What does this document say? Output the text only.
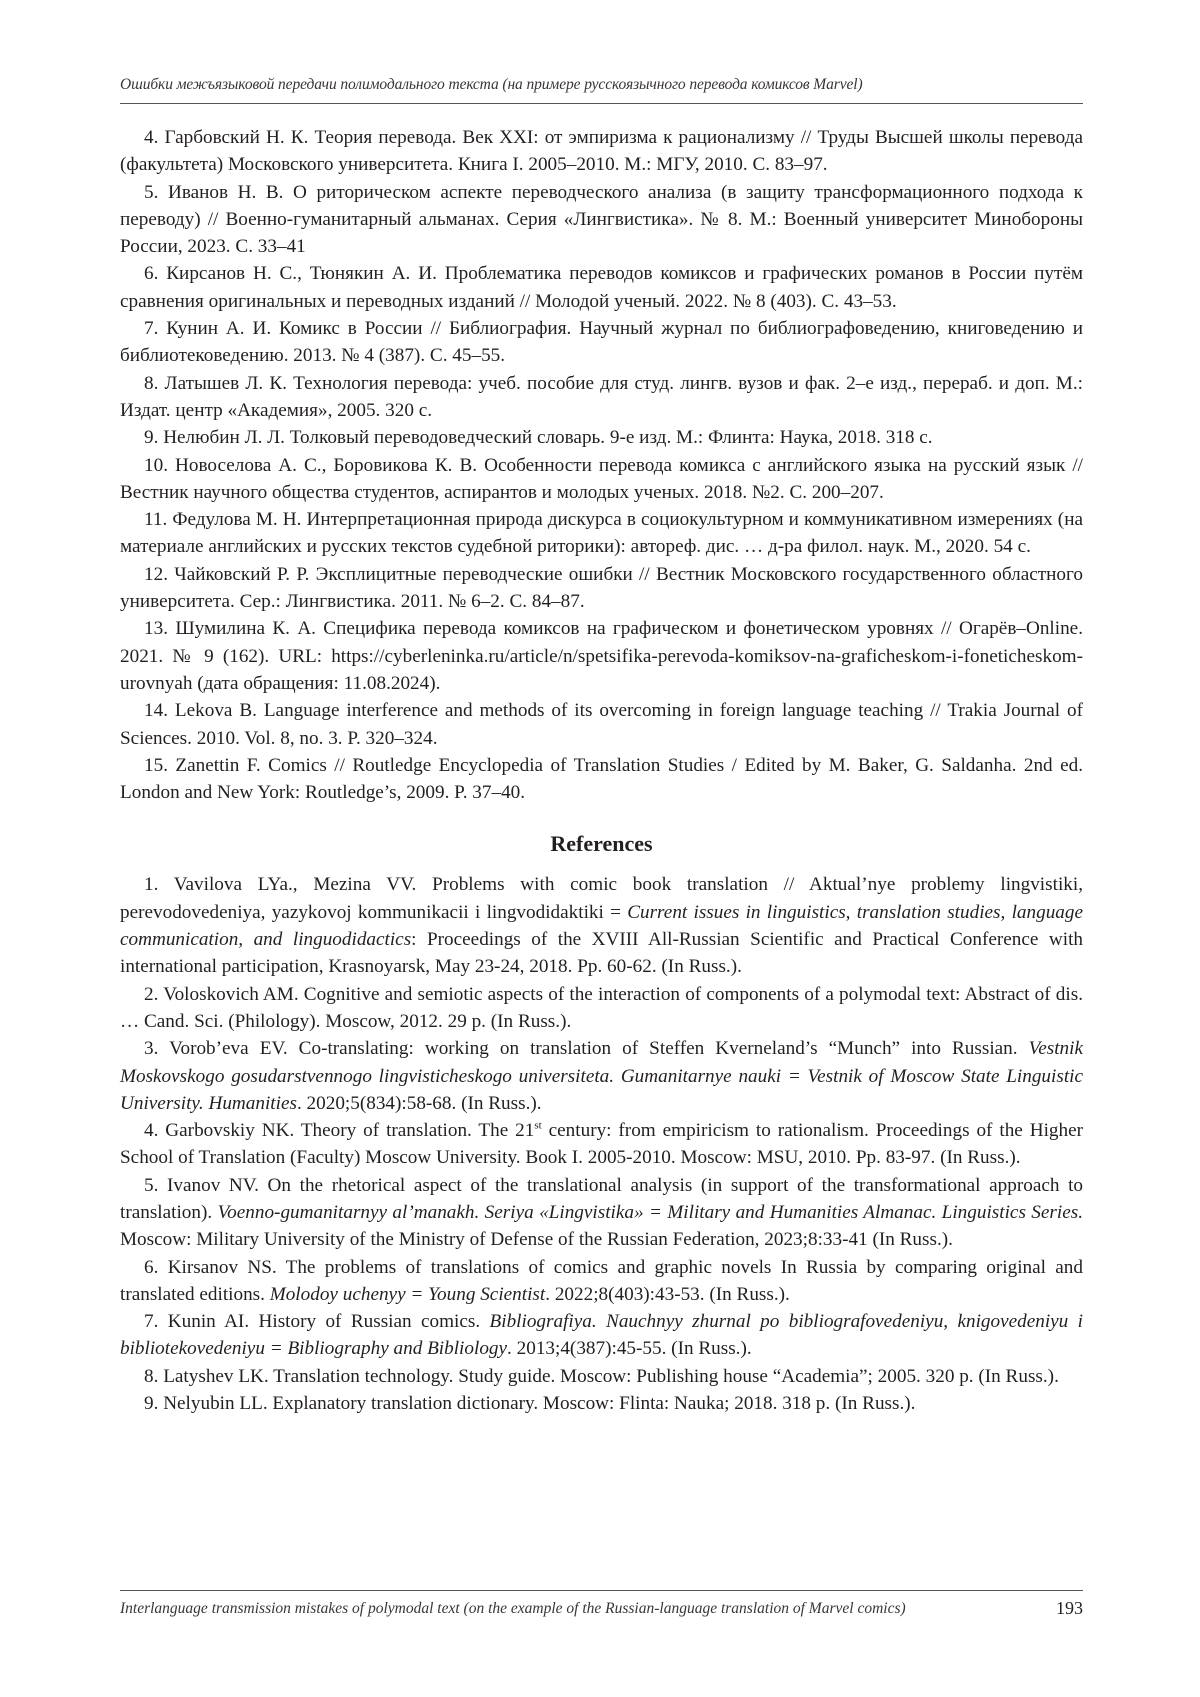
Ошибки межъязыковой передачи полимодального текста (на примере русскоязычного перевода комиксов Marvel)

4. Гарбовский Н. К. Теория перевода. Век XXI: от эмпиризма к рационализму // Труды Высшей школы перевода (факультета) Московского университета. Книга I. 2005–2010. М.: МГУ, 2010. С. 83–97.

5. Иванов Н. В. О риторическом аспекте переводческого анализа (в защиту трансформационного подхода к переводу) // Военно-гуманитарный альманах. Серия «Лингвистика». № 8. М.: Военный университет Минобороны России, 2023. С. 33–41

6. Кирсанов Н. С., Тюнякин А. И. Проблематика переводов комиксов и графических романов в России путём сравнения оригинальных и переводных изданий // Молодой ученый. 2022. № 8 (403). С. 43–53.

7. Кунин А. И. Комикс в России // Библиография. Научный журнал по библиографоведению, книговедению и библиотековедению. 2013. № 4 (387). С. 45–55.

8. Латышев Л. К. Технология перевода: учеб. пособие для студ. лингв. вузов и фак. 2–е изд., перераб. и доп. М.: Издат. центр «Академия», 2005. 320 с.

9. Нелюбин Л. Л. Толковый переводоведческий словарь. 9-е изд. М.: Флинта: Наука, 2018. 318 с.

10. Новоселова А. С., Боровикова К. В. Особенности перевода комикса с английского языка на русский язык // Вестник научного общества студентов, аспирантов и молодых ученых. 2018. №2. С. 200–207.

11. Федулова М. Н. Интерпретационная природа дискурса в социокультурном и коммуникативном измерениях (на материале английских и русских текстов судебной риторики): автореф. дис. … д-ра филол. наук. М., 2020. 54 с.

12. Чайковский Р. Р. Эксплицитные переводческие ошибки // Вестник Московского государственного областного университета. Сер.: Лингвистика. 2011. № 6–2. С. 84–87.

13. Шумилина К. А. Специфика перевода комиксов на графическом и фонетическом уровнях // Огарёв–Online. 2021. № 9 (162). URL: https://cyberleninka.ru/article/n/spetsifika-perevoda-komiksov-na-graficheskom-i-foneticheskom-urovnyah (дата обращения: 11.08.2024).

14. Lekova B. Language interference and methods of its overcoming in foreign language teaching // Trakia Journal of Sciences. 2010. Vol. 8, no. 3. P. 320–324.

15. Zanettin F. Comics // Routledge Encyclopedia of Translation Studies / Edited by M. Baker, G. Saldanha. 2nd ed. London and New York: Routledge’s, 2009. P. 37–40.

References

1. Vavilova LYa., Mezina VV. Problems with comic book translation // Aktual’nye problemy lingvistiki, perevodovedeniya, yazykovoj kommunikacii i lingvodidaktiki = Current issues in linguistics, translation studies, language communication, and linguodidactics: Proceedings of the XVIII All-Russian Scientific and Practical Conference with international participation, Krasnoyarsk, May 23-24, 2018. Pp. 60-62. (In Russ.).

2. Voloskovich AM. Cognitive and semiotic aspects of the interaction of components of a polymodal text: Abstract of dis. … Cand. Sci. (Philology). Moscow, 2012. 29 p. (In Russ.).

3. Vorob’eva EV. Co-translating: working on translation of Steffen Kverneland’s “Munch” into Russian. Vestnik Moskovskogo gosudarstvennogo lingvisticheskogo universiteta. Gumanitarnye nauki = Vestnik of Moscow State Linguistic University. Humanities. 2020;5(834):58-68. (In Russ.).

4. Garbovskiy NK. Theory of translation. The 21st century: from empiricism to rationalism. Proceedings of the Higher School of Translation (Faculty) Moscow University. Book I. 2005-2010. Moscow: MSU, 2010. Pp. 83-97. (In Russ.).

5. Ivanov NV. On the rhetorical aspect of the translational analysis (in support of the transformational approach to translation). Voenno-gumanitarnyy al’manakh. Seriya «Lingvistika» = Military and Humanities Almanac. Linguistics Series. Moscow: Military University of the Ministry of Defense of the Russian Federation, 2023;8:33-41 (In Russ.).

6. Kirsanov NS. The problems of translations of comics and graphic novels In Russia by comparing original and translated editions. Molodoy uchenyy = Young Scientist. 2022;8(403):43-53. (In Russ.).

7. Kunin AI. History of Russian comics. Bibliografiya. Nauchnyy zhurnal po bibliografovedeniyu, knigovedeniyu i bibliotekovedeniyu = Bibliography and Bibliology. 2013;4(387):45-55. (In Russ.).

8. Latyshev LK. Translation technology. Study guide. Moscow: Publishing house “Academia”; 2005. 320 p. (In Russ.).

9. Nelyubin LL. Explanatory translation dictionary. Moscow: Flinta: Nauka; 2018. 318 p. (In Russ.).

Interlanguage transmission mistakes of polymodal text (on the example of the Russian-language translation of Marvel comics)	193
